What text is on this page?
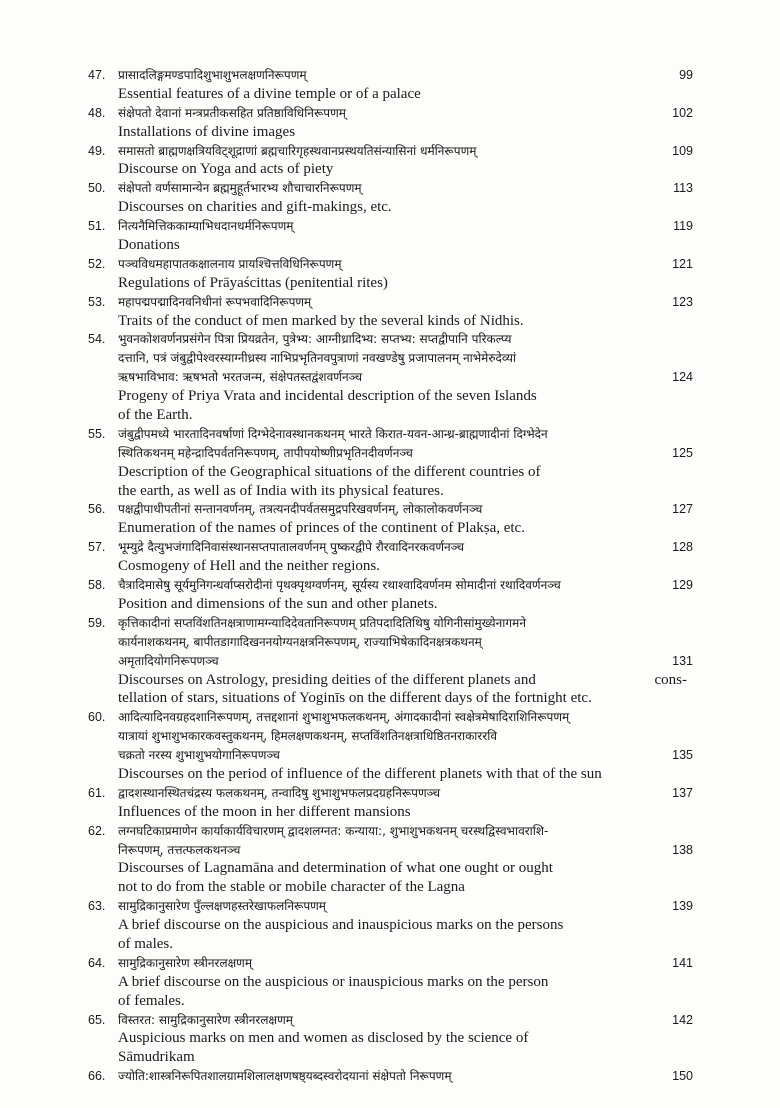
47.	प्रासादलिङ्गमण्डपादिशुभाशुभलक्षणनिरूपणम्	99
Essential features of a divine temple or of a palace
48.	संक्षेपतो देवानां मन्त्रप्रतीकसहित प्रतिष्ठाविधिनिरूपणम्	102
Installations of divine images
49.	समासतो ब्राह्मणक्षत्रियविट्शूद्राणां ब्रह्मचारिगृहस्थवानप्रस्थयतिसंन्यासिनां धर्मनिरूपणम्	109
Discourse on Yoga and acts of piety
50.	संक्षेपतो वर्णसामान्येन ब्रह्ममुहूर्तभारभ्य शौचाचारनिरूपणम्	113
Discourses on charities and gift-makings, etc.
51.	नित्यनैमित्तिककाम्याभिधदानधर्मनिरूपणम्	119
Donations
52.	पञ्चविधमहापातकक्षालनाय प्रायश्चित्तविधिनिरूपणम्	121
Regulations of Prāyaścittas (penitential rites)
53.	महापद्मपद्मादिनवनिधीनां रूपभवादिनिरूपणम्	123
Traits of the conduct of men marked by the several kinds of Nidhis.
54.	भुवनकोशवर्णनप्रसंगेन पित्रा प्रियव्रतेन, पुत्रेभ्य: आग्नीध्रादिभ्य: सप्तभ्य: सप्तद्वीपानि परिकल्प्य
दत्तानि, पत्रं जंबुद्वीपेश्वरस्याग्नीध्रस्य नाभिप्रभृतिनवपुत्राणां नवखण्डेषु प्रजापालनम् नाभेमेरुदेव्यां
ऋषभाविभाव: ऋषभतो भरतजन्म, संक्षेपतस्तद्वंशवर्णनञ्च	124
Progeny of Priya Vrata and incidental description of the seven Islands
of the Earth.
55.	जंबुद्वीपमध्ये भारतादिनवर्षाणां दिग्भेदेनावस्थानकथनम् भारते किरात-यवन-आन्ध्र-ब्राह्मणादीनां दिग्भेदेन
स्थितिकथनम् महेन्द्रादिपर्वतनिरूपणम्, तापीपयोष्णीप्रभृतिनदीवर्णनञ्च	125
Description of the Geographical situations of the different countries of
the earth, as well as of India with its physical features.
56.	पक्षद्वीपाधीपतीनां सन्तानवर्णनम्, तत्रत्यनदीपर्वतसमुद्रपरिखवर्णनम्, लोकालोकवर्णनञ्च	127
Enumeration of the names of princes of the continent of Plakṣa, etc.
57.	भूम्युद्रे दैत्युभजंगादिनिवासंस्थानसप्तपातालवर्णनम् पुष्करद्वीपे रौरवादिनरकवर्णनञ्च	128
Cosmogeny of Hell and the neither regions.
58.	चैत्रादिमासेषु सूर्यमुनिगन्धर्वाप्सरोदीनां पृथक्पृथग्वर्णनम्, सूर्यस्य रथाश्वादिवर्णनम सोमादीनां रथादिवर्णनञ्च	129
Position and dimensions of the sun and other planets.
59.	कृत्तिकादीनां सप्तविंशतिनक्षत्राणामग्न्यादिदेवतानिरूपणम् प्रतिपदादितिथिषु योगिनीसांमुख्येनागमने
कार्यनाशकथनम्, बापीतडागादिखननयोग्यनक्षत्रनिरूपणम्, राज्याभिषेकादिनक्षत्रकथनम्
अमृतादियोगनिरूपणञ्च	131
Discourses on Astrology, presiding deities of the different planets and	cons-
tellation of stars, situations of Yoginīs on the different days of the fortnight etc.
60.	आदित्यादिनवग्रहदशानिरूपणम्, तत्तद्दशानां शुभाशुभफलकथनम्, अंगादकादीनां स्वक्षेत्रमेषादिराशिनिरूपणम्
यात्रायां शुभाशुभकारकवस्तुकथनम्, हिमलक्षणकथनम्, सप्तविंशतिनक्षत्राधिष्ठितनराकाररवि
चक्रतो नरस्य शुभाशुभयोगानिरूपणञ्च	135
Discourses on the period of influence of the different planets with that of the sun
61.	द्वादशस्थानस्थितचंद्रस्य फलकथनम्, तन्वादिषु शुभाशुभफलप्रदग्रहनिरूपणञ्च	137
Influences of the moon in her different mansions
62.	लग्नघटिकाप्रमाणेन कार्याकार्यविचारणम् द्वादशलग्नत: कन्याया:, शुभाशुभकथनम् चरस्थद्विस्वभावराशि-
निरूपणम्, तत्तत्फलकथनञ्च	138
Discourses of Lagnamāna and determination of what one ought or ought
not to do from the stable or mobile character of the Lagna
63.	सामुद्रिकानुसारेण पुँल्लक्षणहस्तरेखाफलनिरूपणम्	139
A brief discourse on the auspicious and inauspicious marks on the persons
of males.
64.	सामुद्रिकानुसारेण स्त्रीनरलक्षणम्	141
A brief discourse on the auspicious or inauspicious marks on the person
of females.
65.	विस्तरत: सामुद्रिकानुसारेण स्त्रीनरलक्षणम्	142
Auspicious marks on men and women as disclosed by the science of
Sāmudrikam
66.	ज्योति:शास्त्रनिरूपितशालग्रामशिलालक्षणषष्ठ्यब्दस्वरोदयानां संक्षेपतो निरूपणम्	150
